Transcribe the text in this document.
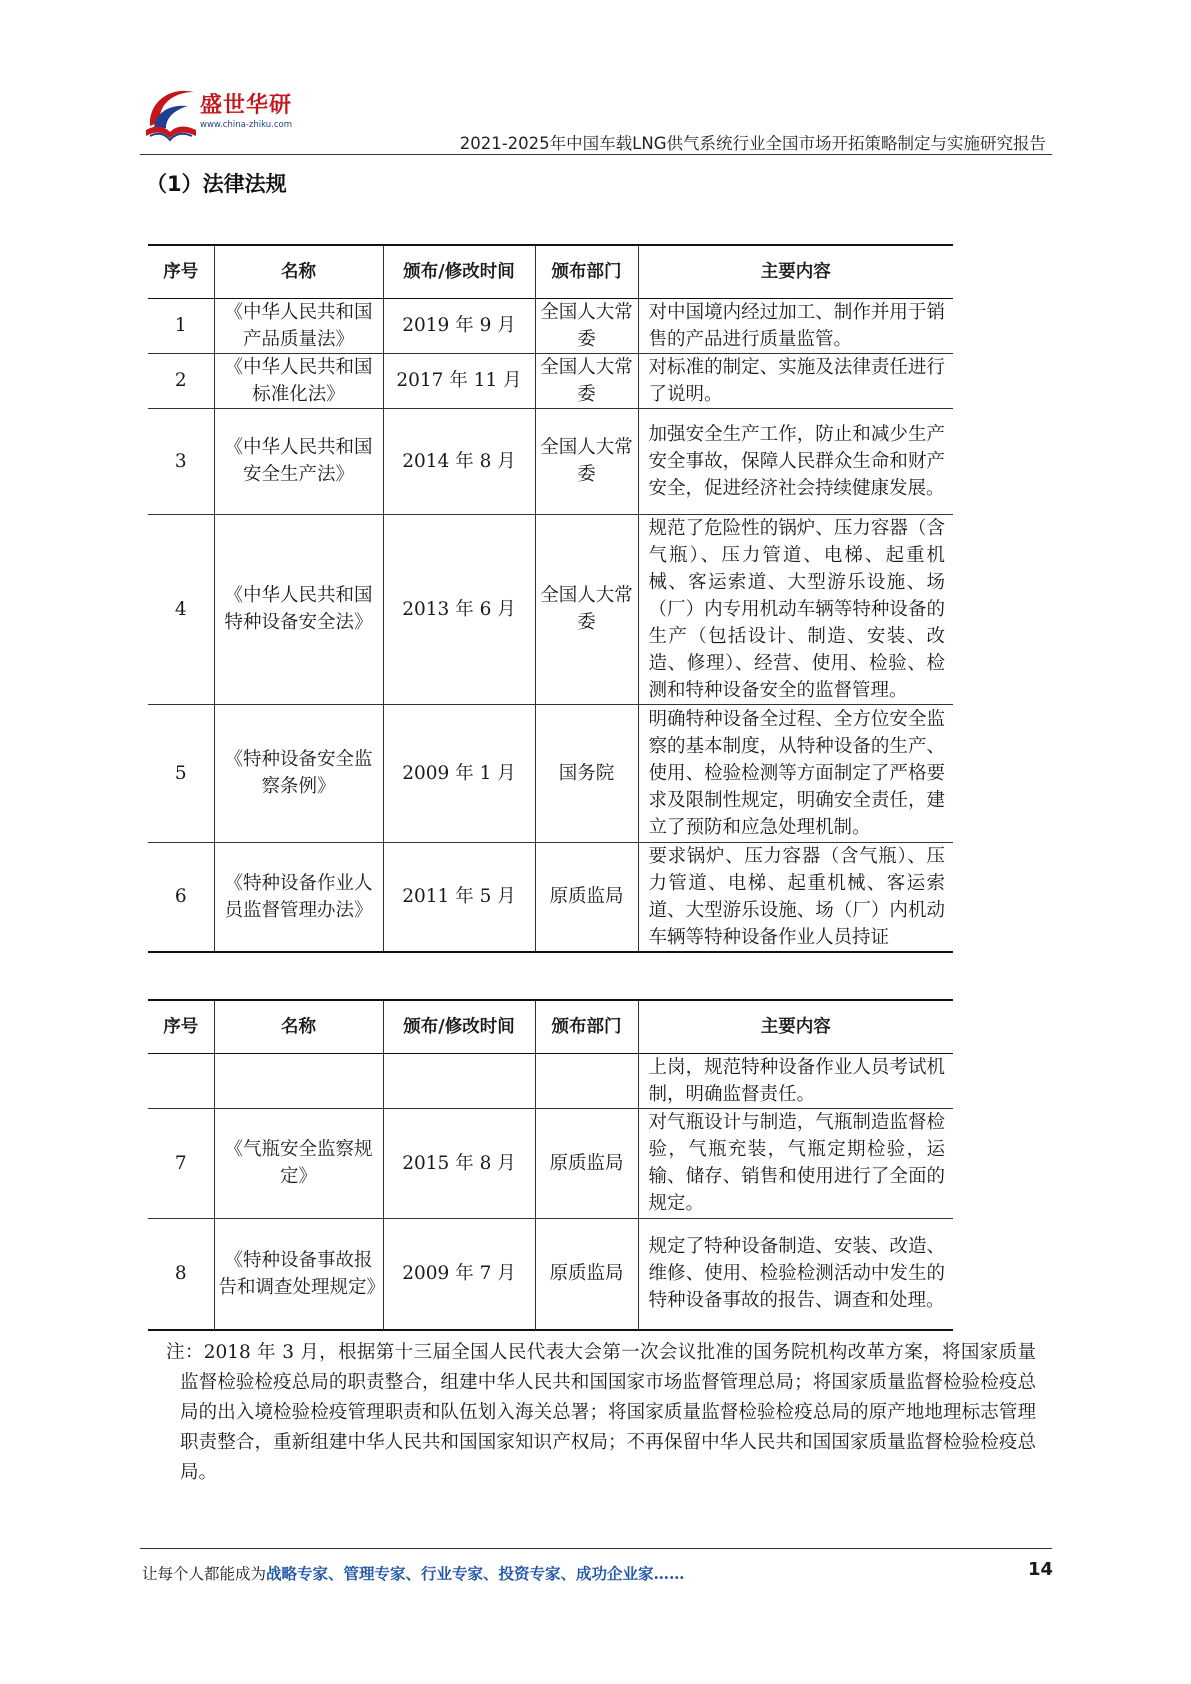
盛世华研
www.china-zhiku.com
2021-2025年中国车载LNG供气系统行业全国市场开拓策略制定与实施研究报告
（1）法律法规
序号	名称	颁布/修改时间	颁布部门	主要内容
1	《中华人民共和国产品质量法》	2019 年 9 月	全国人大常委	对中国境内经过加工、制作并用于销售的产品进行质量监管。
2	《中华人民共和国标准化法》	2017 年 11 月	全国人大常委	对标准的制定、实施及法律责任进行了说明。
3	《中华人民共和国安全生产法》	2014 年 8 月	全国人大常委	加强安全生产工作，防止和减少生产安全事故，保障人民群众生命和财产安全，促进经济社会持续健康发展。
4	《中华人民共和国特种设备安全法》	2013 年 6 月	全国人大常委	规范了危险性的锅炉、压力容器（含气瓶）、压力管道、电梯、起重机械、客运索道、大型游乐设施、场（厂）内专用机动车辆等特种设备的生产（包括设计、制造、安装、改造、修理）、经营、使用、检验、检测和特种设备安全的监督管理。
5	《特种设备安全监察条例》	2009 年 1 月	国务院	明确特种设备全过程、全方位安全监察的基本制度，从特种设备的生产、使用、检验检测等方面制定了严格要求及限制性规定，明确安全责任，建立了预防和应急处理机制。
6	《特种设备作业人员监督管理办法》	2011 年 5 月	原质监局	要求锅炉、压力容器（含气瓶）、压力管道、电梯、起重机械、客运索道、大型游乐设施、场（厂）内机动车辆等特种设备作业人员持证
序号	名称	颁布/修改时间	颁布部门	主要内容
				上岗，规范特种设备作业人员考试机制，明确监督责任。
7	《气瓶安全监察规定》	2015 年 8 月	原质监局	对气瓶设计与制造，气瓶制造监督检验，气瓶充装，气瓶定期检验，运输、储存、销售和使用进行了全面的规定。
8	《特种设备事故报告和调查处理规定》	2009 年 7 月	原质监局	规定了特种设备制造、安装、改造、维修、使用、检验检测活动中发生的特种设备事故的报告、调查和处理。
注：2018 年 3 月，根据第十三届全国人民代表大会第一次会议批准的国务院机构改革方案，将国家质量监督检验检疫总局的职责整合，组建中华人民共和国国家市场监督管理总局；将国家质量监督检验检疫总局的出入境检验检疫管理职责和队伍划入海关总署；将国家质量监督检验检疫总局的原产地地理标志管理职责整合，重新组建中华人民共和国国家知识产权局；不再保留中华人民共和国国家质量监督检验检疫总局。
让每个人都能成为战略专家、管理专家、行业专家、投资专家、成功企业家……	14
